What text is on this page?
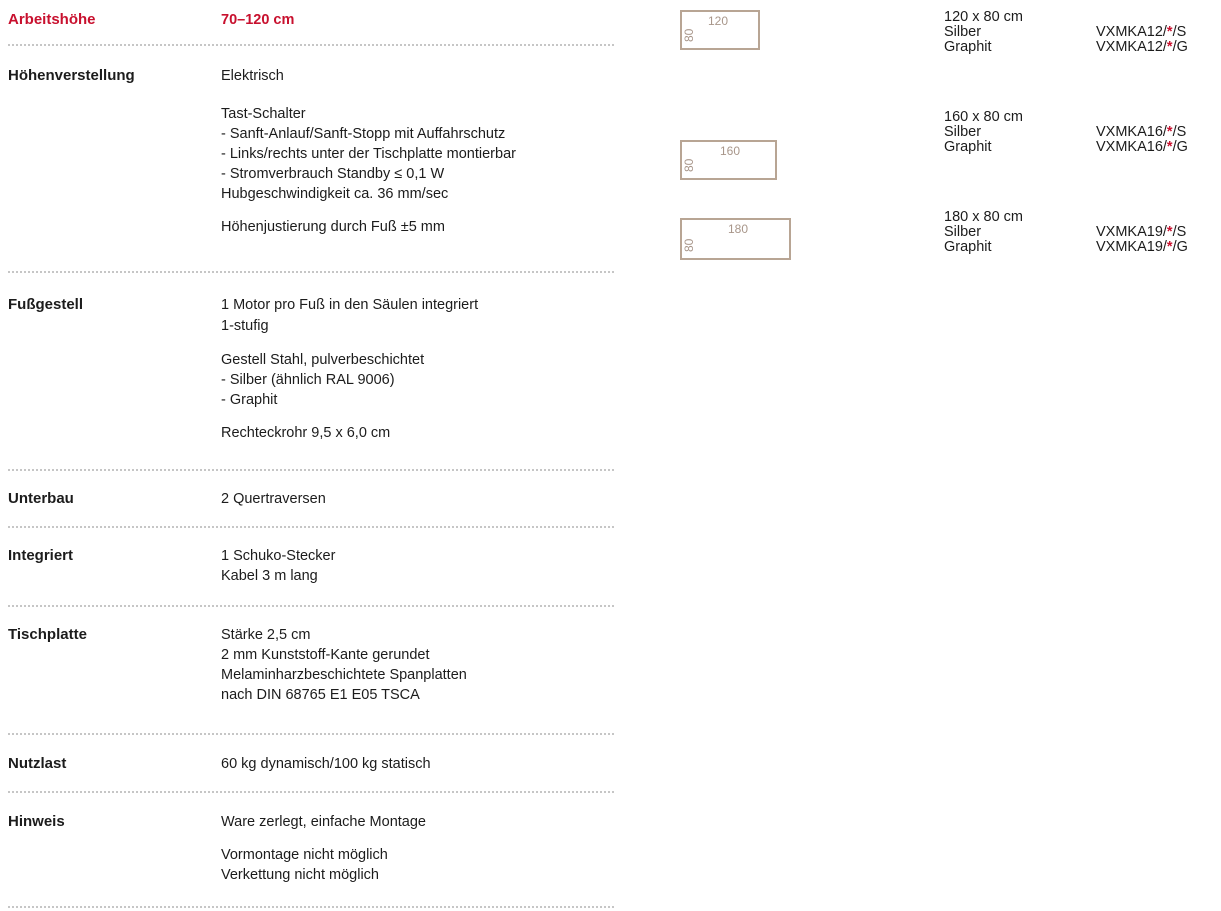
Arbeitshöhe	70–120 cm
Höhenverstellung	Elektrisch
Tast-Schalter
- Sanft-Anlauf/Sanft-Stopp mit Auffahrschutz
- Links/rechts unter der Tischplatte montierbar
- Stromverbrauch Standby ≤ 0,1 W
Hubgeschwindigkeit ca. 36 mm/sec
Höhenjustierung durch Fuß ±5 mm
Fußgestell	1 Motor pro Fuß in den Säulen integriert
1-stufig
Gestell Stahl, pulverbeschichtet
- Silber (ähnlich RAL 9006)
- Graphit
Rechteckrohr 9,5 x 6,0 cm
Unterbau	2 Quertraversen
Integriert	1 Schuko-Stecker
Kabel 3 m lang
Tischplatte	Stärke 2,5 cm
2 mm Kunststoff-Kante gerundet
Melaminharzbeschichtete Spanplatten
nach DIN 68765 E1 E05 TSCA
Nutzlast	60 kg dynamisch/100 kg statisch
Hinweis	Ware zerlegt, einfache Montage
Vormontage nicht möglich
Verkettung nicht möglich
120
80
120 x 80 cm
Silber	VXMKA12/*/S
Graphit	VXMKA12/*/G
160
80
160 x 80 cm
Silber	VXMKA16/*/S
Graphit	VXMKA16/*/G
180
80
180 x 80 cm
Silber	VXMKA19/*/S
Graphit	VXMKA19/*/G
